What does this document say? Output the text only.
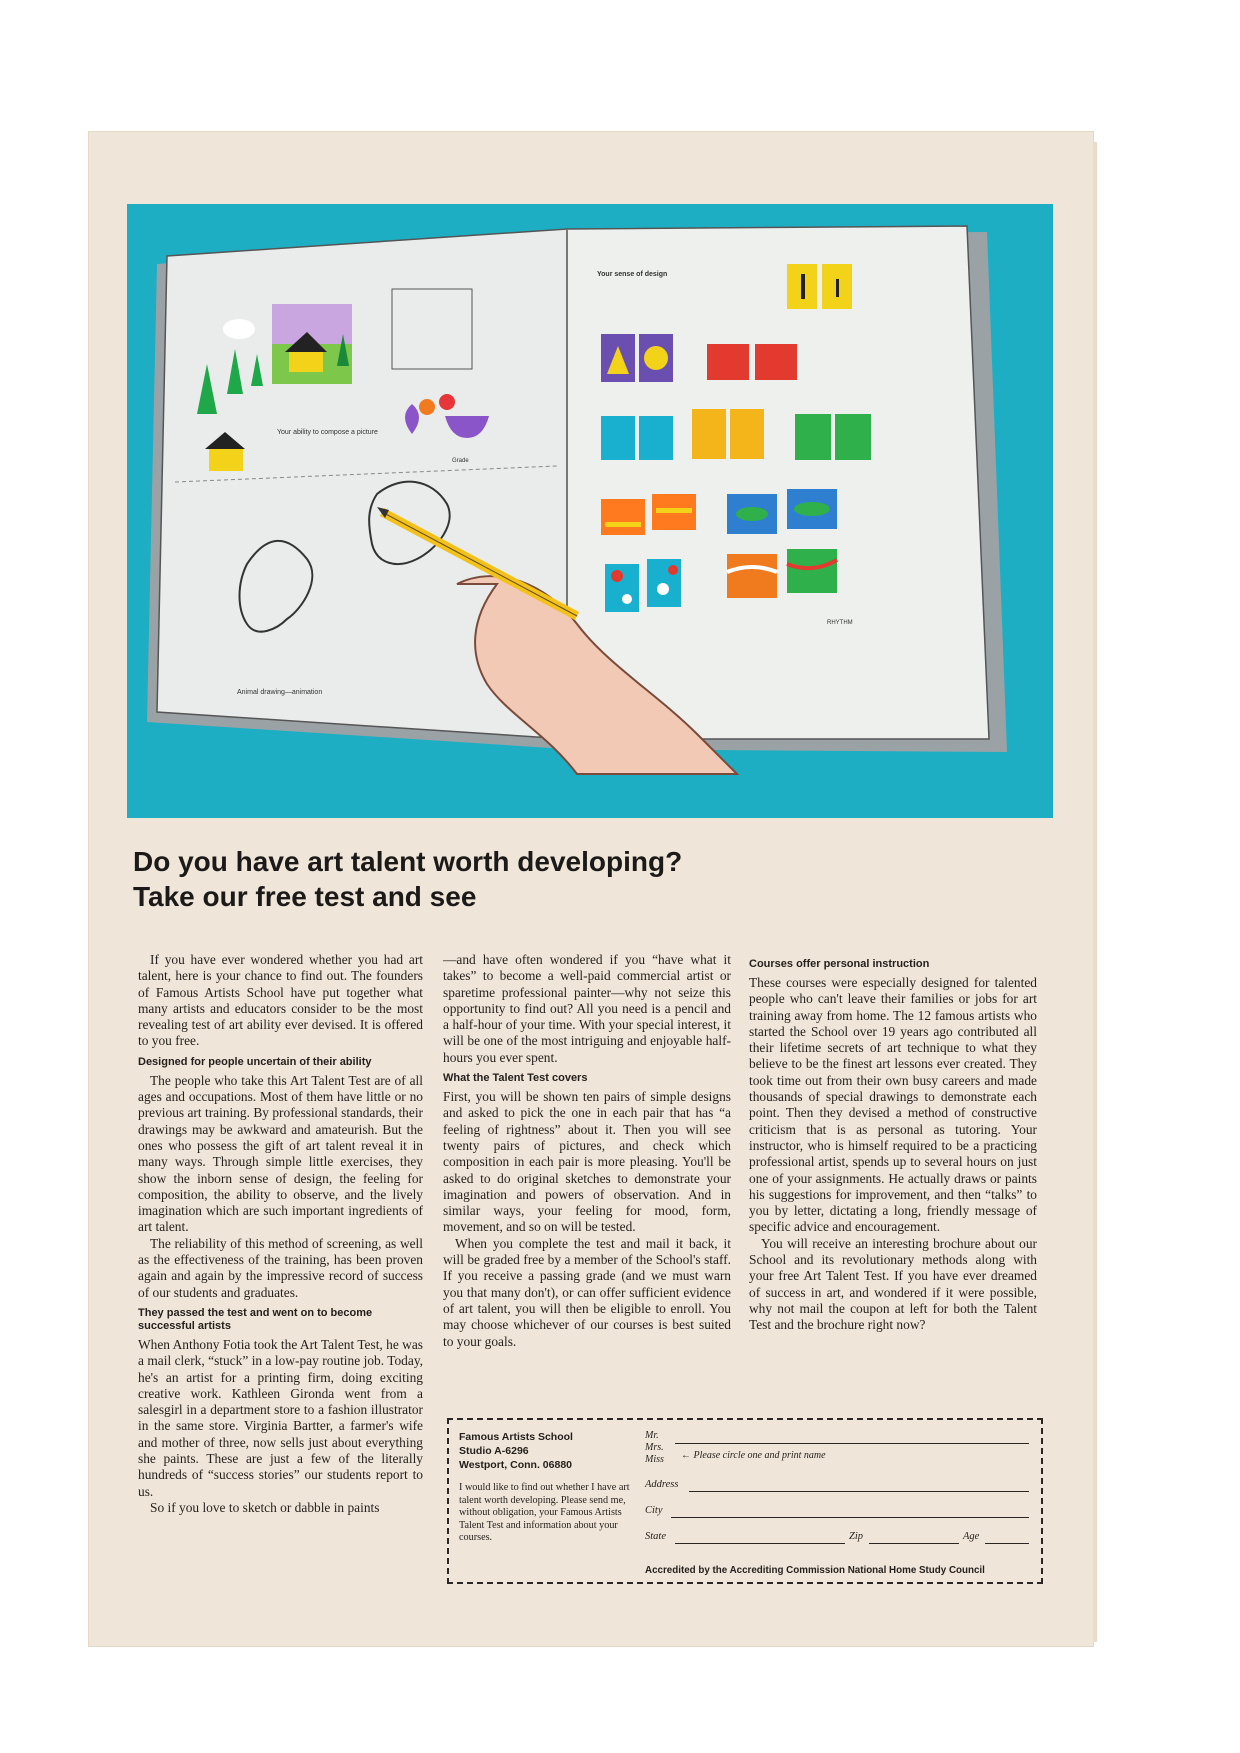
Your ability to compose a picture
Grade
Animal drawing—animation
Your sense of design
RHYTHM
Do you have art talent worth developing?
Take our free test and see

If you have ever wondered whether you had art talent, here is your chance to find out. The founders of Famous Artists School have put together what many artists and educators consider to be the most revealing test of art ability ever devised. It is offered to you free.

Designed for people uncertain of their ability

The people who take this Art Talent Test are of all ages and occupations. Most of them have little or no previous art training. By professional standards, their drawings may be awkward and amateurish. But the ones who possess the gift of art talent reveal it in many ways. Through simple little exercises, they show the inborn sense of design, the feeling for composition, the ability to observe, and the lively imagination which are such important ingredients of art talent.

The reliability of this method of screening, as well as the effectiveness of the training, has been proven again and again by the impressive record of success of our students and graduates.

They passed the test and went on to become successful artists

When Anthony Fotia took the Art Talent Test, he was a mail clerk, “stuck” in a low-pay routine job. Today, he's an artist for a printing firm, doing exciting creative work. Kathleen Gironda went from a salesgirl in a department store to a fashion illustrator in the same store. Virginia Bartter, a farmer's wife and mother of three, now sells just about everything she paints. These are just a few of the literally hundreds of “success stories” our students report to us.

So if you love to sketch or dabble in paints

—and have often wondered if you “have what it takes” to become a well-paid commercial artist or sparetime professional painter—why not seize this opportunity to find out? All you need is a pencil and a half-hour of your time. With your special interest, it will be one of the most intriguing and enjoyable half-hours you ever spent.

What the Talent Test covers

First, you will be shown ten pairs of simple designs and asked to pick the one in each pair that has “a feeling of rightness” about it. Then you will see twenty pairs of pictures, and check which composition in each pair is more pleasing. You'll be asked to do original sketches to demonstrate your imagination and powers of observation. And in similar ways, your feeling for mood, form, movement, and so on will be tested.

When you complete the test and mail it back, it will be graded free by a member of the School's staff. If you receive a passing grade (and we must warn you that many don't), or can offer sufficient evidence of art talent, you will then be eligible to enroll. You may choose whichever of our courses is best suited to your goals.

Courses offer personal instruction

These courses were especially designed for talented people who can't leave their families or jobs for art training away from home. The 12 famous artists who started the School over 19 years ago contributed all their lifetime secrets of art technique to what they believe to be the finest art lessons ever created. They took time out from their own busy careers and made thousands of special drawings to demonstrate each point. Then they devised a method of constructive criticism that is as personal as tutoring. Your instructor, who is himself required to be a practicing professional artist, spends up to several hours on just one of your assignments. He actually draws or paints his suggestions for improvement, and then “talks” to you by letter, dictating a long, friendly message of specific advice and encouragement.

You will receive an interesting brochure about our School and its revolutionary methods along with your free Art Talent Test. If you have ever dreamed of success in art, and wondered if it were possible, why not mail the coupon at left for both the Talent Test and the brochure right now?

Famous Artists School
Studio A-6296
Westport, Conn. 06880
I would like to find out whether I have art talent worth developing. Please send me, without obligation, your Famous Artists Talent Test and information about your courses.
Mr.
Mrs.
Miss ← Please circle one and print name
Address
City
State	Zip	Age
Accredited by the Accrediting Commission National Home Study Council
